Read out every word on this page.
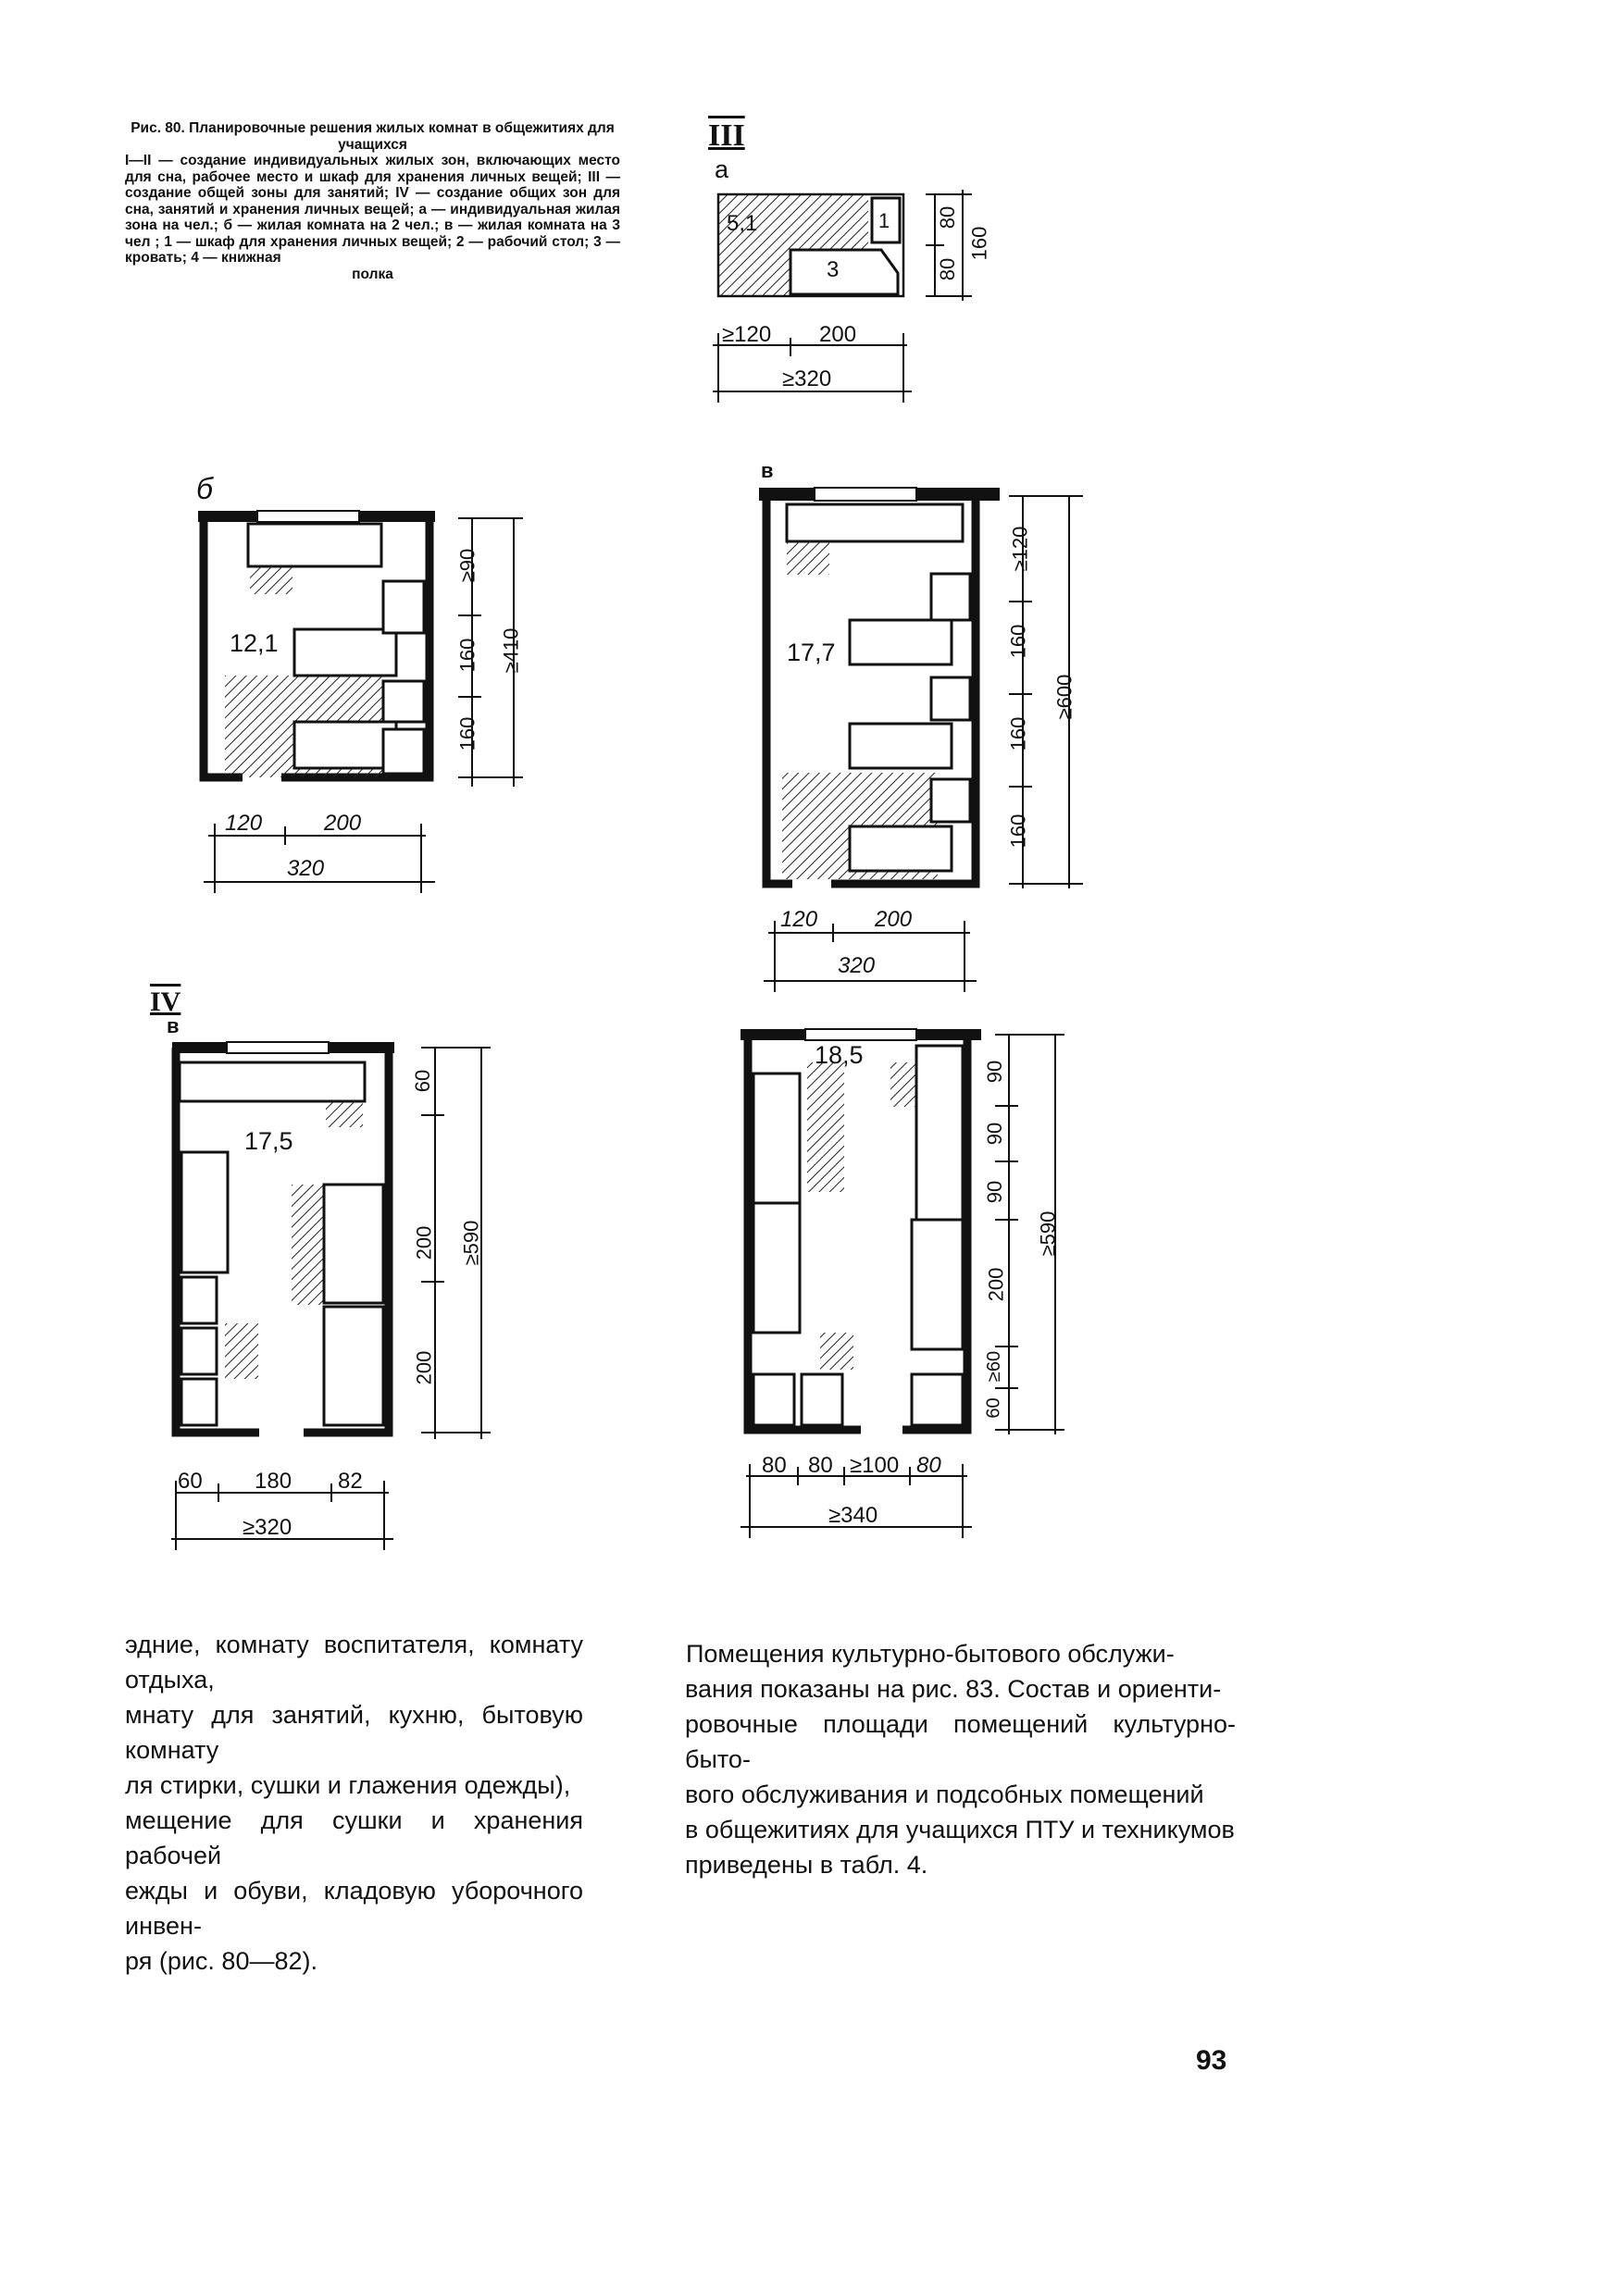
Рис. 80. Планировочные решения жилых комнат в общежитиях для учащихся
I—II — создание индивидуальных жилых зон, включающих место для сна, рабочее место и шкаф для хранения личных вещей; III — создание общей зоны для занятий; IV — создание общих зон для сна, занятий и хранения личных вещей; а — индивидуальная жилая зона на чел.; б — жилая комната на 2 чел.; в — жилая комната на 3 чел ; 1 — шкаф для хранения личных вещей; 2 — рабочий стол; 3 — кровать; 4 — книжная
полка
III
а
5,1	1
3
80
80
160
≥120 200
≥320
б
12,1
≥90
160
160
≥410
120	200
320
в
17,7
≥120
160
160
160
≥600
120	200
320
IV
в
17,5
60
200
200
≥590
60 180 82
≥320
18,5
90
90
90
200
≥60
60
≥590
80 80 ≥100 80
≥340

эдние, комнату воспитателя, комнату отдыха,

мнату для занятий, кухню, бытовую комнату

ля стирки, сушки и глажения одежды),

мещение для сушки и хранения рабочей

ежды и обуви, кладовую уборочного инвен-

ря (рис. 80—82).

Помещения культурно-бытового обслужи-

вания показаны на рис. 83. Состав и ориенти-

ровочные площади помещений культурно-быто-

вого обслуживания и подсобных помещений

в общежитиях для учащихся ПТУ и техникумов

приведены в табл. 4.

93
